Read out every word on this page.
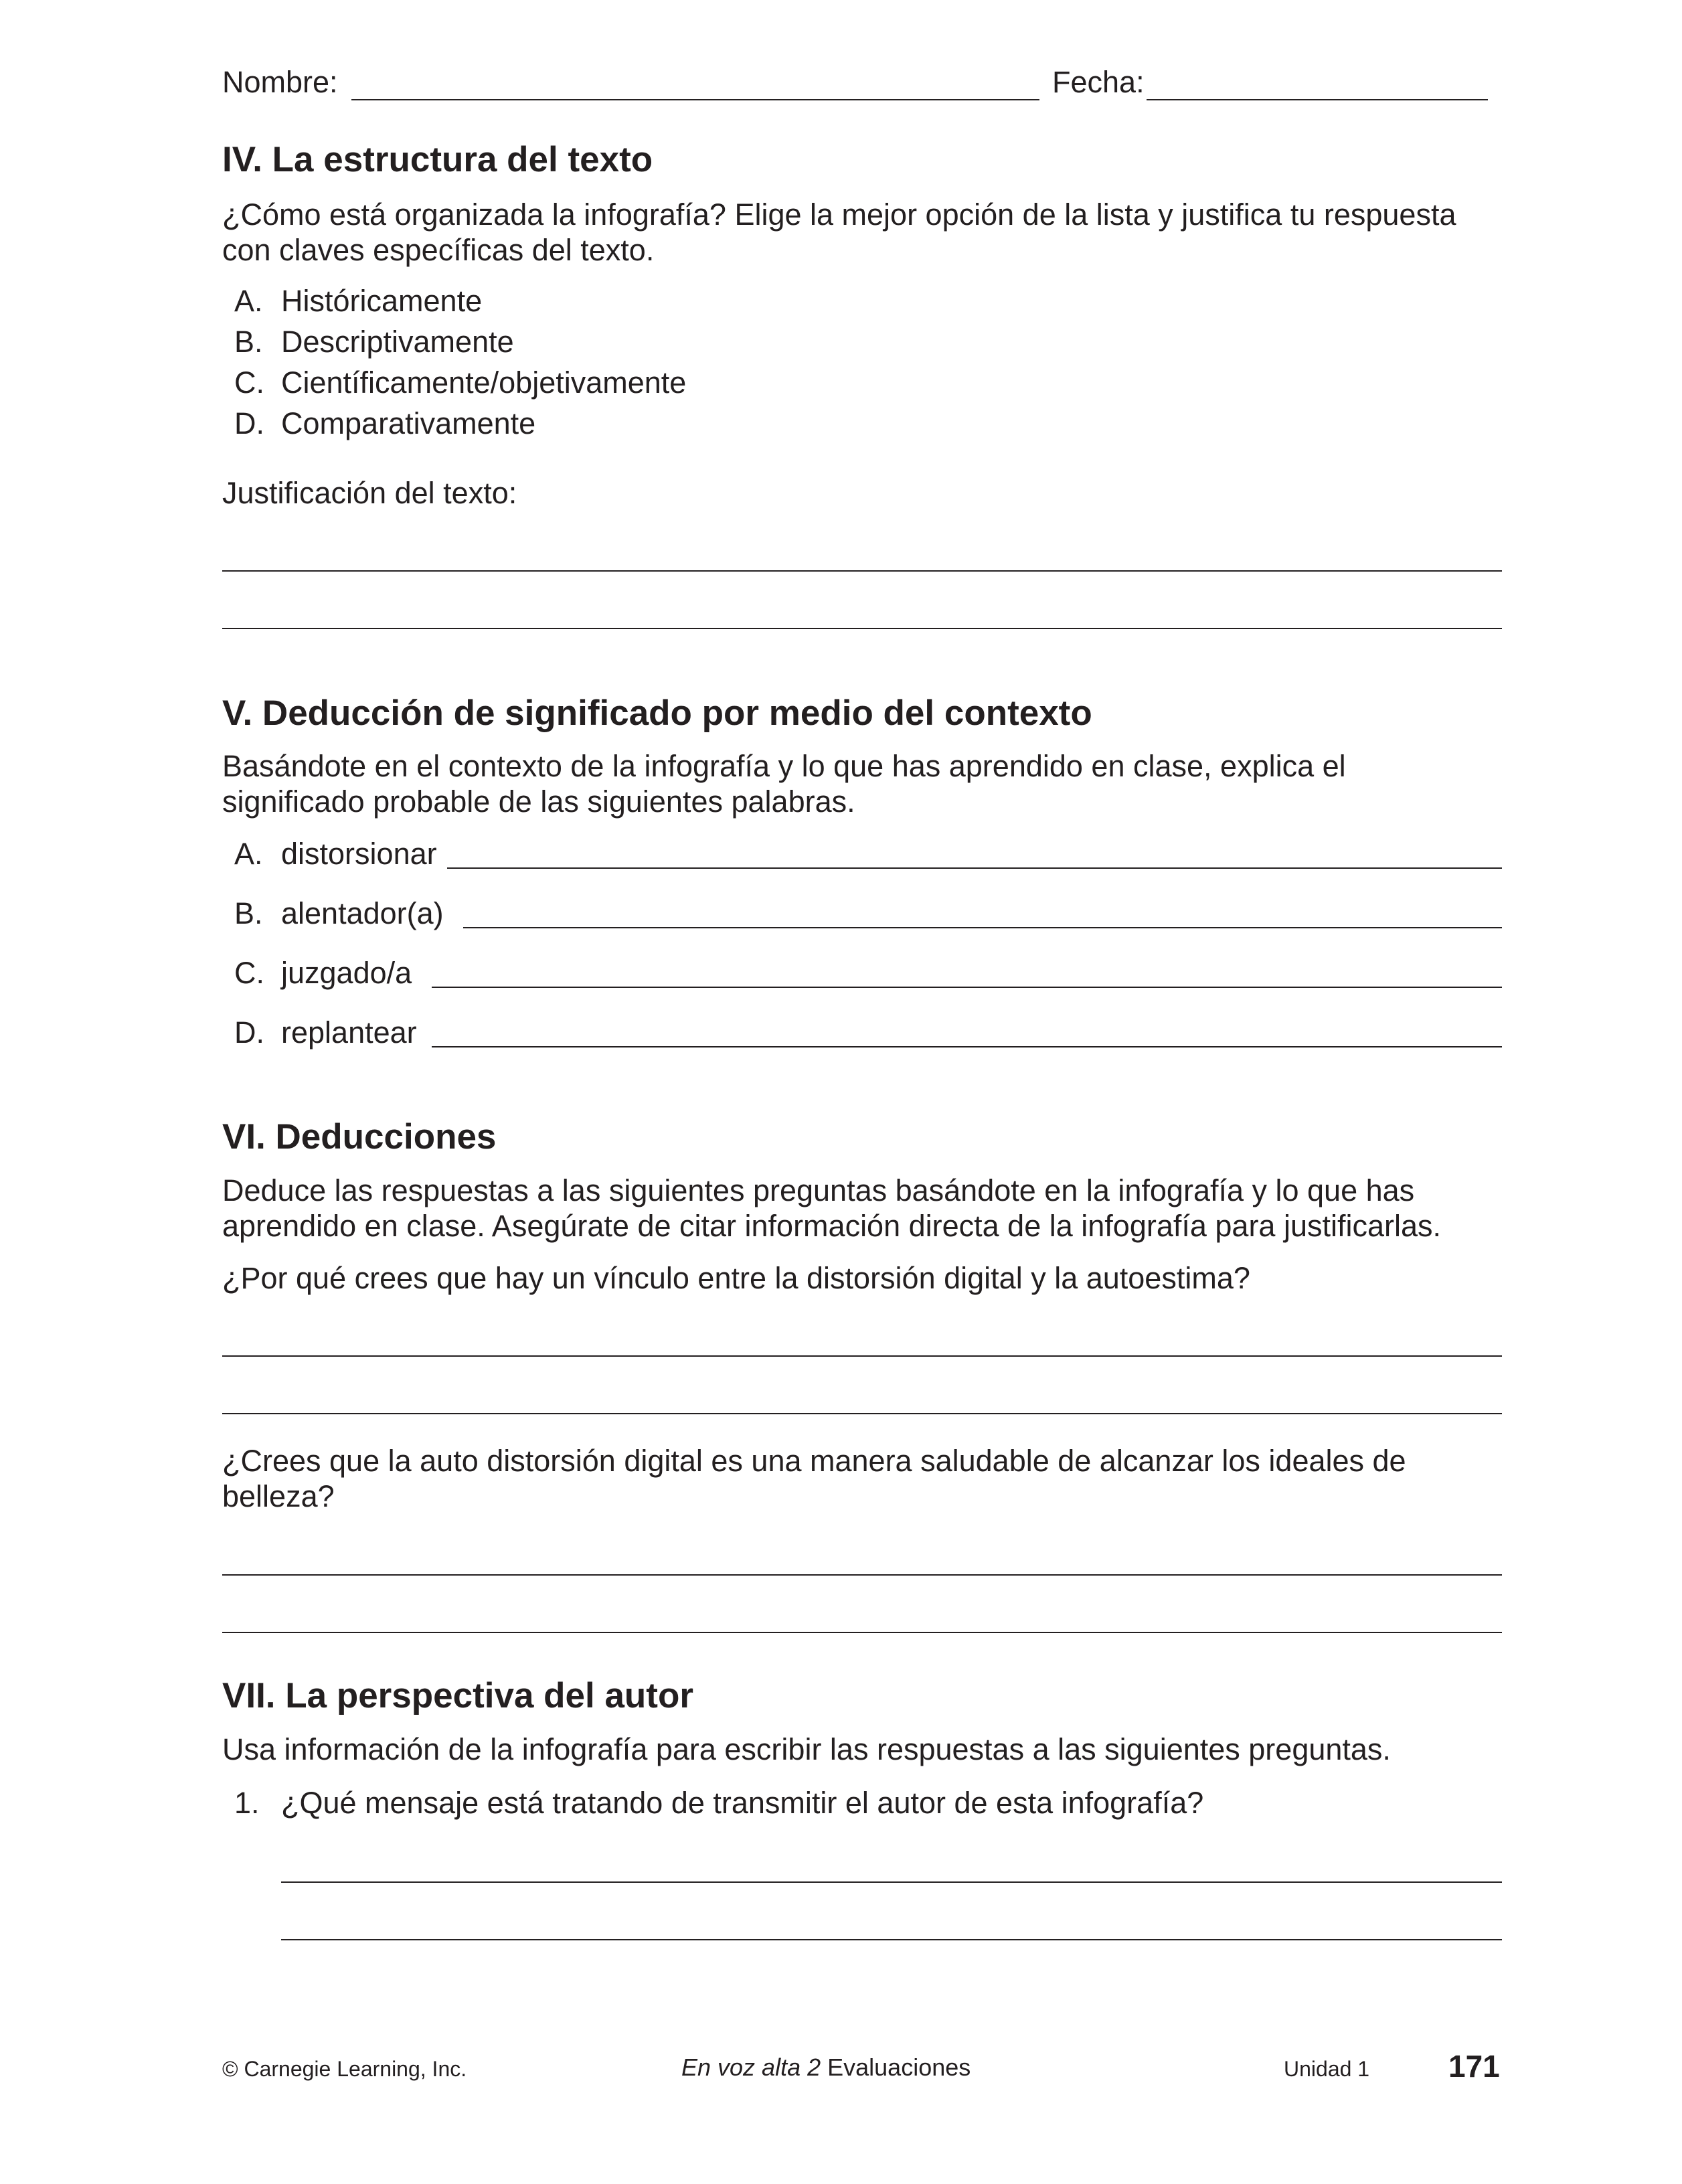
Nombre:	Fecha:
IV. La estructura del texto
¿Cómo está organizada la infografía? Elige la mejor opción de la lista y justifica tu respuesta
con claves específicas del texto.
A. Históricamente
B. Descriptivamente
C. Científicamente/objetivamente
D. Comparativamente
Justificación del texto:
V. Deducción de significado por medio del contexto
Basándote en el contexto de la infografía y lo que has aprendido en clase, explica el
significado probable de las siguientes palabras.
A. distorsionar
B. alentador(a)
C. juzgado/a
D. replantear
VI. Deducciones
Deduce las respuestas a las siguientes preguntas basándote en la infografía y lo que has
aprendido en clase. Asegúrate de citar información directa de la infografía para justificarlas.
¿Por qué crees que hay un vínculo entre la distorsión digital y la autoestima?
¿Crees que la auto distorsión digital es una manera saludable de alcanzar los ideales de
belleza?
VII. La perspectiva del autor
Usa información de la infografía para escribir las respuestas a las siguientes preguntas.
1. ¿Qué mensaje está tratando de transmitir el autor de esta infografía?
© Carnegie Learning, Inc.	En voz alta 2 Evaluaciones	Unidad 1	171
